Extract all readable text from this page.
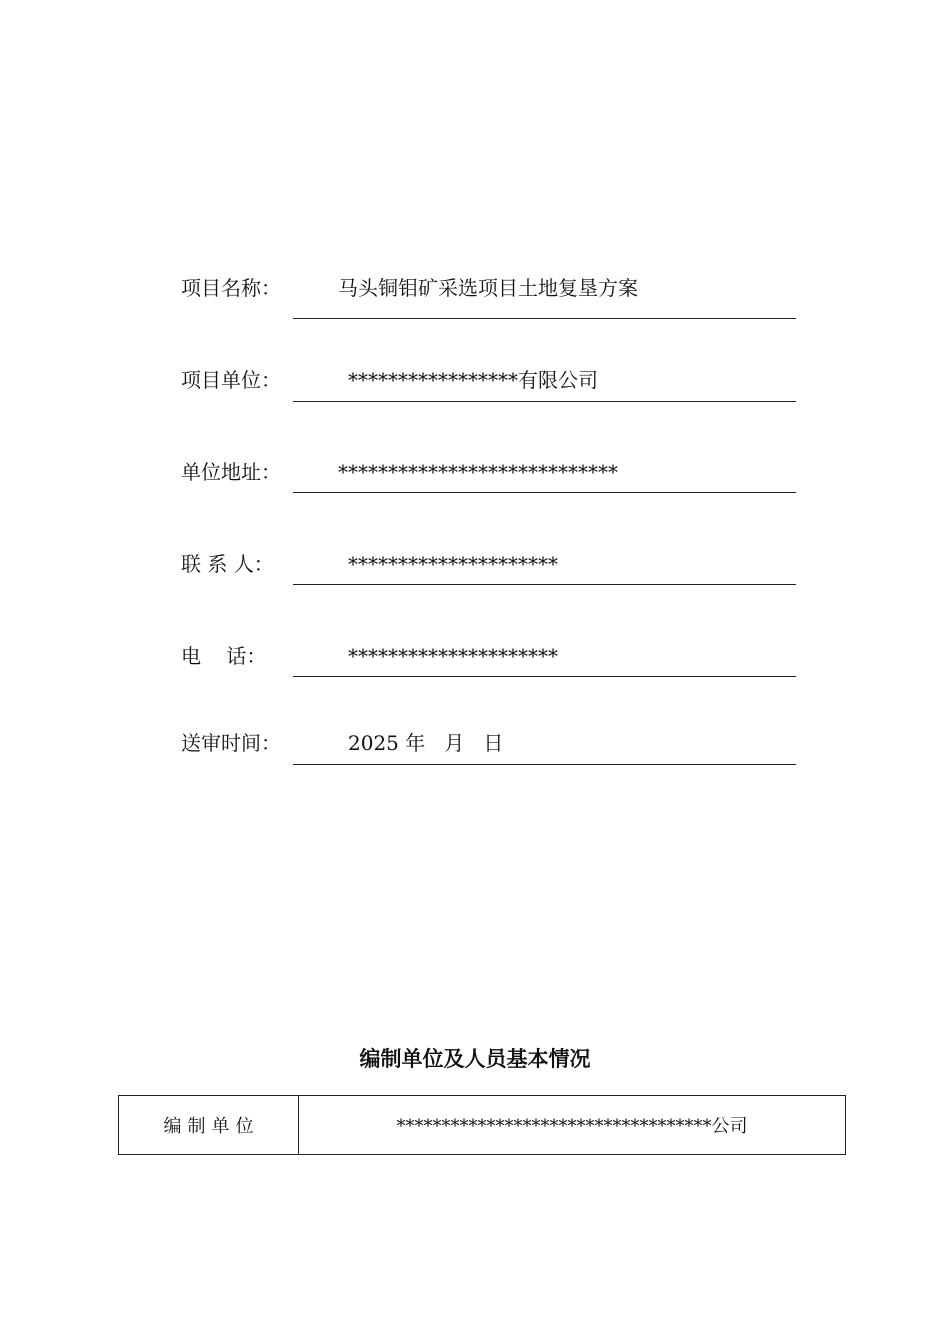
项目名称：	马头铜钼矿采选项目土地复垦方案
项目单位：	*****************有限公司
单位地址：	****************************
联 系 人：	*********************
电    话：	*********************
送审时间：	2025 年   月   日
编制单位及人员基本情况
编制单位	***********************************公司
